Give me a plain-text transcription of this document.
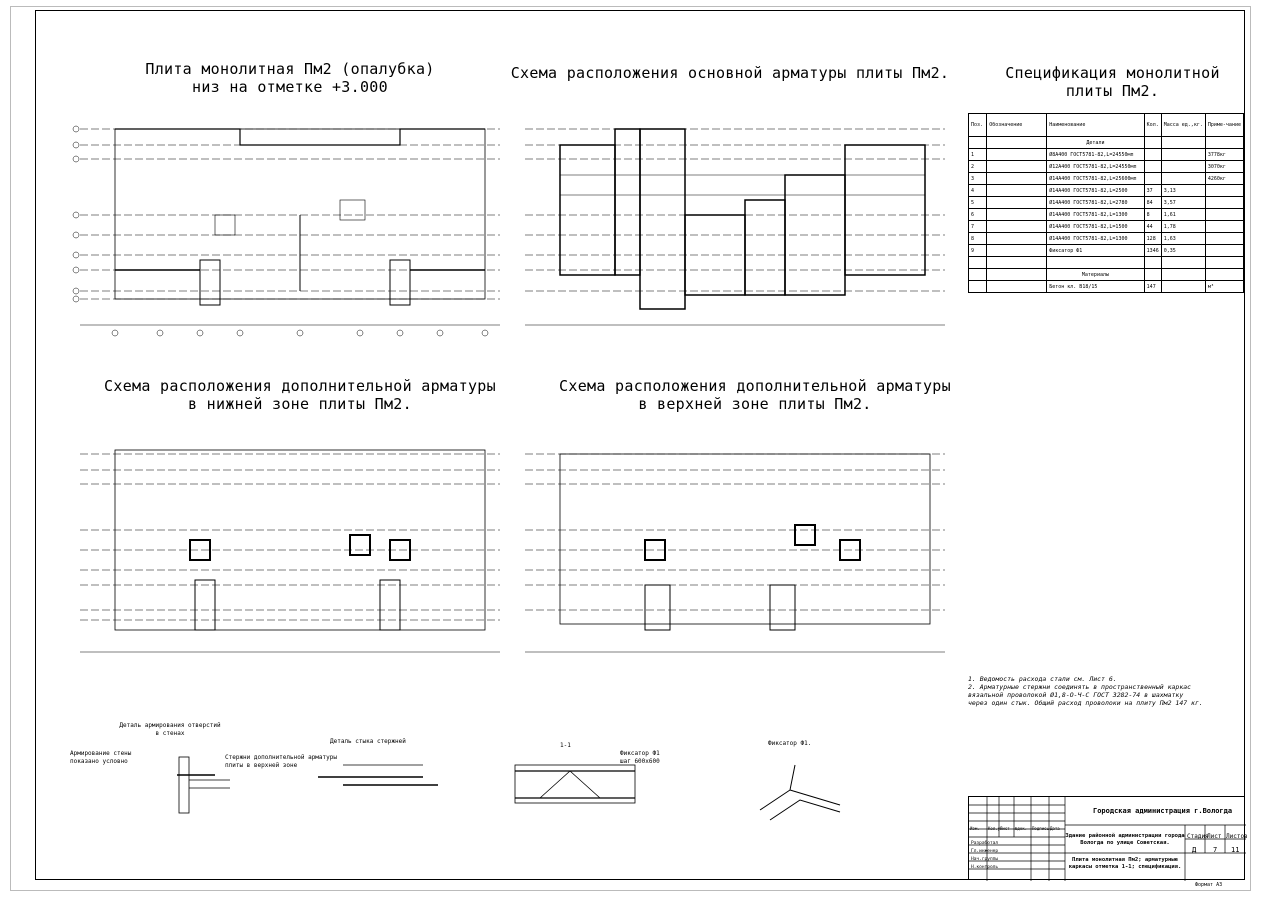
Плита монолитная Пм2 (опалубка)
низ на отметке +3.000
Схема расположения основной арматуры плиты Пм2.	Спецификация монолитной
плиты Пм2.
Схема расположения дополнительной арматуры
в нижней зоне плиты Пм2.
Схема расположения дополнительной арматуры
в верхней зоне плиты Пм2.
Поз.	Обозначение	Наименование	Кол.	Масса ед.,кг.	Приме-чание
		Детали			
1		Ø8А400 ГОСТ5781-82,L=24550мп			3778кг
2		Ø12А400 ГОСТ5781-82,L=24550мп			3070кг
3		Ø14А400 ГОСТ5781-82,L=25600мп			4260кг
4		Ø14А400 ГОСТ5781-82,L=2500	37	3,13	
5		Ø14А400 ГОСТ5781-82,L=2780	84	3,57	
6		Ø14А400 ГОСТ5781-82,L=1300	8	1,61	
7		Ø14А400 ГОСТ5781-82,L=1500	44	1,78	
8		Ø14А400 ГОСТ5781-82,L=1300	128	1,63	
9		Фиксатор Ф1	1346	0,35	

		Материалы			
		Бетон кл. В18/15	147		м³
1. Ведомость расхода стали см. Лист 6.
2. Арматурные стержни соединять в пространственный каркас
вязальной проволокой Ø1,8-О-Ч-С ГОСТ 3282-74 в шахматку
через один стык. Общий расход проволоки на плиту Пм2 147 кг.
Деталь армирования отверстий
в стенах
Армирование стены
показано условно
Стержни дополнительной арматуры
плиты в верхней зоне
Деталь стыка стержней
1-1
Фиксатор Ф1
шаг 600х600
Фиксатор Ф1.
Изм. Кол.уч
Лист №док. Подпись Дата
Разработал
Гл.инженер
Нач.группы
Н.контроль
Городская администрация г.Вологда
Здание районной администрации города Вологда по улице Советская.
Плита монолитная Пм2; арматурные каркасы отметка 1-1; спецификация.
Стадия
Лист Листов
Д 7 11
Формат А3
